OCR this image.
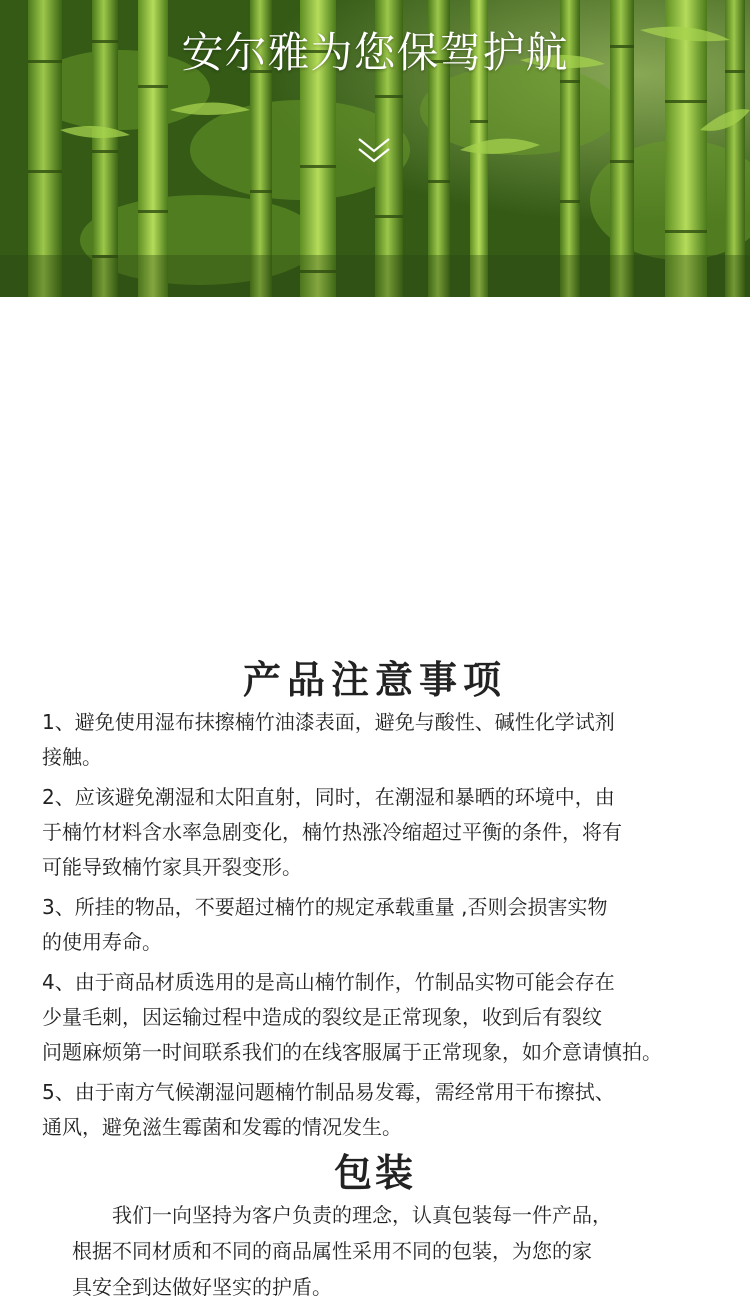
安尔雅为您保驾护航
产品注意事项

1、避免使用湿布抹擦楠竹油漆表面，避免与酸性、碱性化学试剂
接触。

2、应该避免潮湿和太阳直射，同时，在潮湿和暴晒的环境中，由
于楠竹材料含水率急剧变化，楠竹热涨冷缩超过平衡的条件，将有
可能导致楠竹家具开裂变形。

3、所挂的物品，不要超过楠竹的规定承载重量 ,否则会损害实物
的使用寿命。

4、由于商品材质选用的是高山楠竹制作，竹制品实物可能会存在
少量毛刺，因运输过程中造成的裂纹是正常现象，收到后有裂纹
问题麻烦第一时间联系我们的在线客服属于正常现象，如介意请慎拍。

5、由于南方气候潮湿问题楠竹制品易发霉，需经常用干布擦拭、
通风，避免滋生霉菌和发霉的情况发生。

包装
　　我们一向坚持为客户负责的理念，认真包装每一件产品，
根据不同材质和不同的商品属性采用不同的包装，为您的家
具安全到达做好坚实的护盾。
